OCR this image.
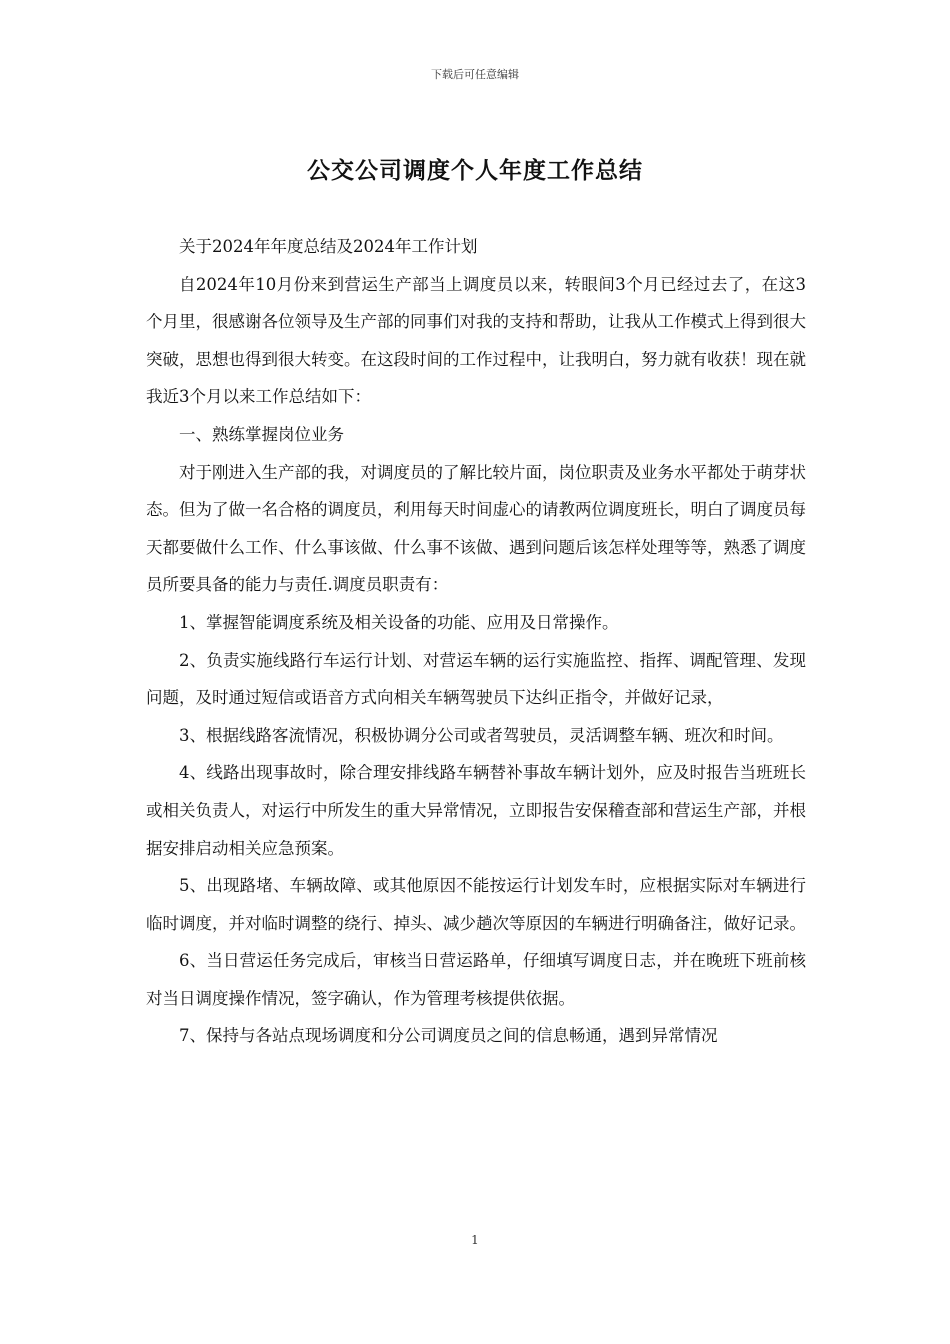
下载后可任意编辑
公交公司调度个人年度工作总结

关于2024年年度总结及2024年工作计划

自2024年10月份来到营运生产部当上调度员以来，转眼间3个月已经过去了，在这3个月里，很感谢各位领导及生产部的同事们对我的支持和帮助，让我从工作模式上得到很大突破，思想也得到很大转变。在这段时间的工作过程中，让我明白，努力就有收获！现在就我近3个月以来工作总结如下：

一、熟练掌握岗位业务

对于刚进入生产部的我，对调度员的了解比较片面，岗位职责及业务水平都处于萌芽状态。但为了做一名合格的调度员，利用每天时间虚心的请教两位调度班长，明白了调度员每天都要做什么工作、什么事该做、什么事不该做、遇到问题后该怎样处理等等，熟悉了调度员所要具备的能力与责任.调度员职责有：

1、掌握智能调度系统及相关设备的功能、应用及日常操作。

2、负责实施线路行车运行计划、对营运车辆的运行实施监控、指挥、调配管理、发现问题，及时通过短信或语音方式向相关车辆驾驶员下达纠正指令，并做好记录，

3、根据线路客流情况，积极协调分公司或者驾驶员，灵活调整车辆、班次和时间。

4、线路出现事故时，除合理安排线路车辆替补事故车辆计划外，应及时报告当班班长或相关负责人，对运行中所发生的重大异常情况，立即报告安保稽查部和营运生产部，并根据安排启动相关应急预案。

5、出现路堵、车辆故障、或其他原因不能按运行计划发车时，应根据实际对车辆进行临时调度，并对临时调整的绕行、掉头、减少趟次等原因的车辆进行明确备注，做好记录。

6、当日营运任务完成后，审核当日营运路单，仔细填写调度日志，并在晚班下班前核对当日调度操作情况，签字确认，作为管理考核提供依据。

7、保持与各站点现场调度和分公司调度员之间的信息畅通，遇到异常情况

1
